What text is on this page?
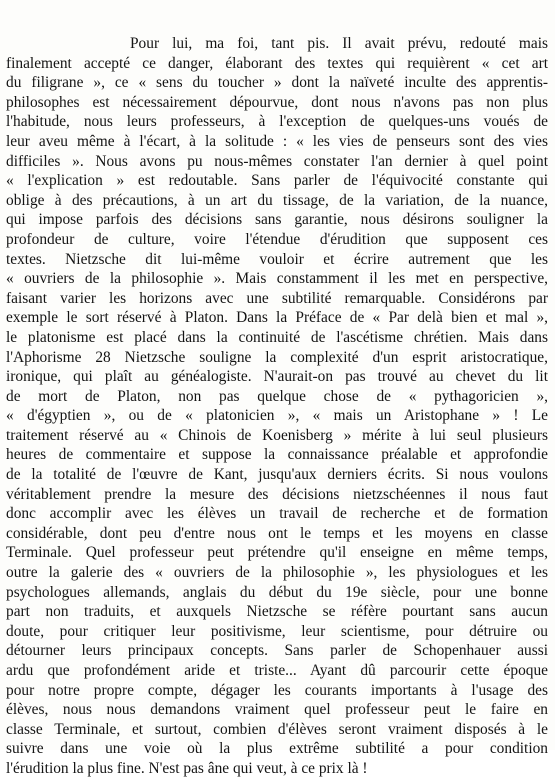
Pour lui, ma foi, tant pis. Il avait prévu, redouté mais
finalement accepté ce danger, élaborant des textes qui requièrent « cet art
du filigrane », ce « sens du toucher » dont la naïveté inculte des apprentis-
philosophes est nécessairement dépourvue, dont nous n'avons pas non plus
l'habitude, nous leurs professeurs, à l'exception de quelques-uns voués de
leur aveu même à l'écart, à la solitude : « les vies de penseurs sont des vies
difficiles ». Nous avons pu nous-mêmes constater l'an dernier à quel point
« l'explication » est redoutable. Sans parler de l'équivocité constante qui
oblige à des précautions, à un art du tissage, de la variation, de la nuance,
qui impose parfois des décisions sans garantie, nous désirons souligner la
profondeur de culture, voire l'étendue d'érudition que supposent ces
textes. Nietzsche dit lui-même vouloir et écrire autrement que les
« ouvriers de la philosophie ». Mais constamment il les met en perspective,
faisant varier les horizons avec une subtilité remarquable. Considérons par
exemple le sort réservé à Platon. Dans la Préface de « Par delà bien et mal »,
le platonisme est placé dans la continuité de l'ascétisme chrétien. Mais dans
l'Aphorisme 28 Nietzsche souligne la complexité d'un esprit aristocratique,
ironique, qui plaît au généalogiste. N'aurait-on pas trouvé au chevet du lit
de mort de Platon, non pas quelque chose de « pythagoricien »,
« d'égyptien », ou de « platonicien », « mais un Aristophane » ! Le
traitement réservé au « Chinois de Koenisberg » mérite à lui seul plusieurs
heures de commentaire et suppose la connaissance préalable et approfondie
de la totalité de l'œuvre de Kant, jusqu'aux derniers écrits. Si nous voulons
véritablement prendre la mesure des décisions nietzschéennes il nous faut
donc accomplir avec les élèves un travail de recherche et de formation
considérable, dont peu d'entre nous ont le temps et les moyens en classe
Terminale. Quel professeur peut prétendre qu'il enseigne en même temps,
outre la galerie des « ouvriers de la philosophie », les physiologues et les
psychologues allemands, anglais du début du 19e siècle, pour une bonne
part non traduits, et auxquels Nietzsche se réfère pourtant sans aucun
doute, pour critiquer leur positivisme, leur scientisme, pour détruire ou
détourner leurs principaux concepts. Sans parler de Schopenhauer aussi
ardu que profondément aride et triste... Ayant dû parcourir cette époque
pour notre propre compte, dégager les courants importants à l'usage des
élèves, nous nous demandons vraiment quel professeur peut le faire en
classe Terminale, et surtout, combien d'élèves seront vraiment disposés à le
suivre dans une voie où la plus extrême subtilité a pour condition
l'érudition la plus fine. N'est pas âne qui veut, à ce prix là !
